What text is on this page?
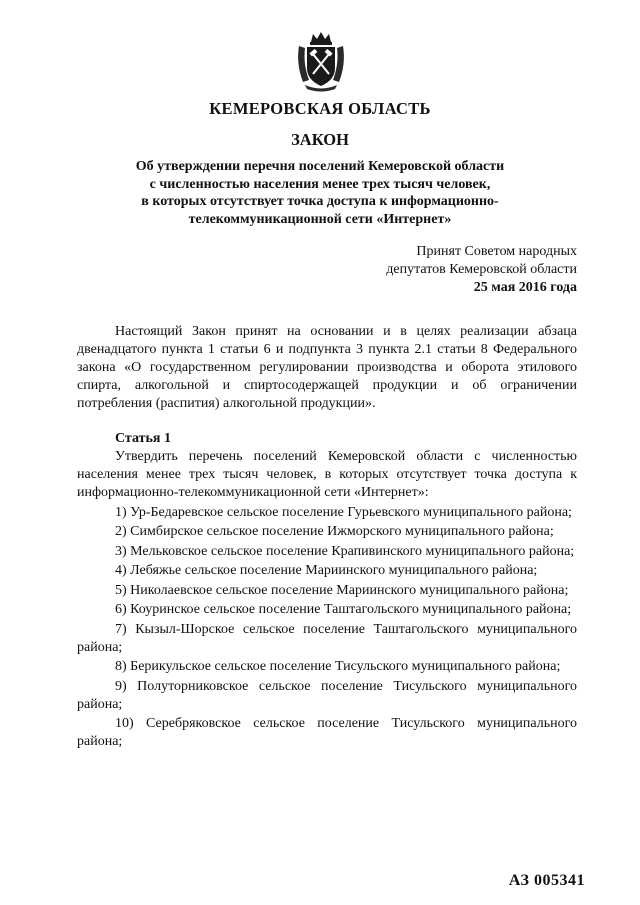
КЕМЕРОВСКАЯ ОБЛАСТЬ
ЗАКОН
Об утверждении перечня поселений Кемеровской области
с численностью населения менее трех тысяч человек,
в которых отсутствует точка доступа к информационно-
телекоммуникационной сети «Интернет»
Принят Советом народных
депутатов Кемеровской области
25 мая 2016 года

Настоящий Закон принят на основании и в целях реализации абзаца двенадцатого пункта 1 статьи 6 и подпункта 3 пункта 2.1 статьи 8 Федерального закона «О государственном регулировании производства и оборота этилового спирта, алкогольной и спиртосодержащей продукции и об ограничении потребления (распития) алкогольной продукции».

Статья 1

Утвердить перечень поселений Кемеровской области с численностью населения менее трех тысяч человек, в которых отсутствует точка доступа к информационно-телекоммуникационной сети «Интернет»:

1) Ур-Бедаревское сельское поселение Гурьевского муниципального района;

2) Симбирское сельское поселение Ижморского муниципального района;

3) Мельковское сельское поселение Крапивинского муниципального района;

4) Лебяжье сельское поселение Мариинского муниципального района;

5) Николаевское сельское поселение Мариинского муниципального района;

6) Коуринское сельское поселение Таштагольского муниципального района;

7) Кызыл-Шорское сельское поселение Таштагольского муниципального района;

8) Берикульское сельское поселение Тисульского муниципального района;

9) Полуторниковское сельское поселение Тисульского муниципального района;

10) Серебряковское сельское поселение Тисульского муниципального района;

АЗ 005341
